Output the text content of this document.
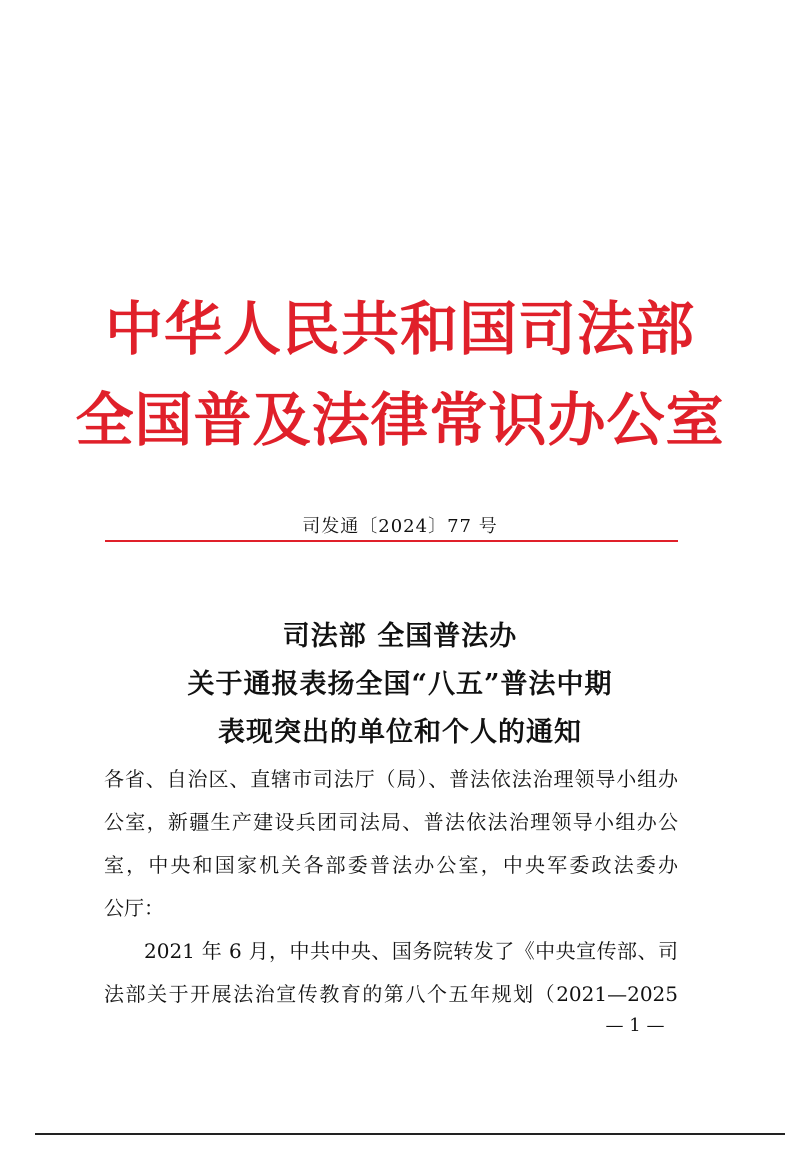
中华人民共和国司法部
全国普及法律常识办公室
司发通〔2024〕77 号
司法部 全国普法办
关于通报表扬全国“八五”普法中期
表现突出的单位和个人的通知
各省、自治区、直辖市司法厅（局）、普法依法治理领导小组办
公室，新疆生产建设兵团司法局、普法依法治理领导小组办公
室，中央和国家机关各部委普法办公室，中央军委政法委办
公厅：
2021 年 6 月，中共中央、国务院转发了《中央宣传部、司
法部关于开展法治宣传教育的第八个五年规划（2021—2025
— 1 —
